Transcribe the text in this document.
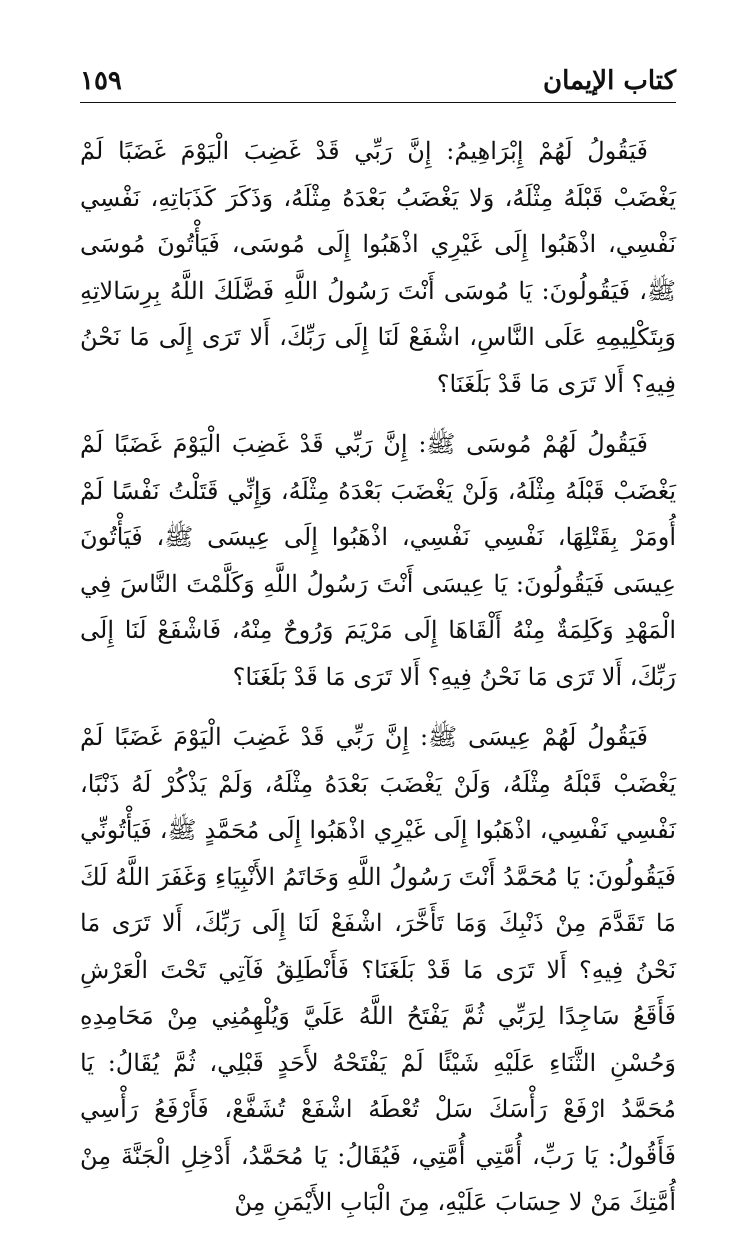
كتاب الإيمان
١٥٩

فَيَقُولُ لَهُمْ إِبْرَاهِيمُ: إِنَّ رَبِّي قَدْ غَضِبَ الْيَوْمَ غَضَبًا لَمْ يَغْضَبْ قَبْلَهُ مِثْلَهُ، وَلا يَغْضَبُ بَعْدَهُ مِثْلَهُ، وَذَكَرَ كَذَبَاتِهِ، نَفْسِي نَفْسِي، اذْهَبُوا إِلَى غَيْرِي اذْهَبُوا إِلَى مُوسَى، فَيَأْتُونَ مُوسَى ﷺ، فَيَقُولُونَ: يَا مُوسَى أَنْتَ رَسُولُ اللَّهِ فَضَّلَكَ اللَّهُ بِرِسَالاتِهِ وَبِتَكْلِيمِهِ عَلَى النَّاسِ، اشْفَعْ لَنَا إِلَى رَبِّكَ، أَلا تَرَى إِلَى مَا نَحْنُ فِيهِ؟ أَلا تَرَى مَا قَدْ بَلَغَنَا؟

فَيَقُولُ لَهُمْ مُوسَى ﷺ: إِنَّ رَبِّي قَدْ غَضِبَ الْيَوْمَ غَضَبًا لَمْ يَغْضَبْ قَبْلَهُ مِثْلَهُ، وَلَنْ يَغْضَبَ بَعْدَهُ مِثْلَهُ، وَإِنِّي قَتَلْتُ نَفْسًا لَمْ أُومَرْ بِقَتْلِهَا، نَفْسِي نَفْسِي، اذْهَبُوا إِلَى عِيسَى ﷺ، فَيَأْتُونَ عِيسَى فَيَقُولُونَ: يَا عِيسَى أَنْتَ رَسُولُ اللَّهِ وَكَلَّمْتَ النَّاسَ فِي الْمَهْدِ وَكَلِمَةٌ مِنْهُ أَلْقَاهَا إِلَى مَرْيَمَ وَرُوحٌ مِنْهُ، فَاشْفَعْ لَنَا إِلَى رَبِّكَ، أَلا تَرَى مَا نَحْنُ فِيهِ؟ أَلا تَرَى مَا قَدْ بَلَغَنَا؟

فَيَقُولُ لَهُمْ عِيسَى ﷺ: إِنَّ رَبِّي قَدْ غَضِبَ الْيَوْمَ غَضَبًا لَمْ يَغْضَبْ قَبْلَهُ مِثْلَهُ، وَلَنْ يَغْضَبَ بَعْدَهُ مِثْلَهُ، وَلَمْ يَذْكُرْ لَهُ ذَنْبًا، نَفْسِي نَفْسِي، اذْهَبُوا إِلَى غَيْرِي اذْهَبُوا إِلَى مُحَمَّدٍ ﷺ، فَيَأْتُونِّي فَيَقُولُونَ: يَا مُحَمَّدُ أَنْتَ رَسُولُ اللَّهِ وَخَاتَمُ الأَنْبِيَاءِ وَغَفَرَ اللَّهُ لَكَ مَا تَقَدَّمَ مِنْ ذَنْبِكَ وَمَا تَأَخَّرَ، اشْفَعْ لَنَا إِلَى رَبِّكَ، أَلا تَرَى مَا نَحْنُ فِيهِ؟ أَلا تَرَى مَا قَدْ بَلَغَنَا؟ فَأَنْطَلِقُ فَآتِي تَحْتَ الْعَرْشِ فَأَقَعُ سَاجِدًا لِرَبِّي ثُمَّ يَفْتَحُ اللَّهُ عَلَيَّ وَيُلْهِمُنِي مِنْ مَحَامِدِهِ وَحُسْنِ الثَّنَاءِ عَلَيْهِ شَيْئًا لَمْ يَفْتَحْهُ لأَحَدٍ قَبْلِي، ثُمَّ يُقَالُ: يَا مُحَمَّدُ ارْفَعْ رَأْسَكَ سَلْ تُعْطَهُ اشْفَعْ تُشَفَّعْ، فَأَرْفَعُ رَأْسِي فَأَقُولُ: يَا رَبِّ، أُمَّتِي أُمَّتِي، فَيُقَالُ: يَا مُحَمَّدُ، أَدْخِلِ الْجَنَّةَ مِنْ أُمَّتِكَ مَنْ لا حِسَابَ عَلَيْهِ، مِنَ الْبَابِ الأَيْمَنِ مِنْ
